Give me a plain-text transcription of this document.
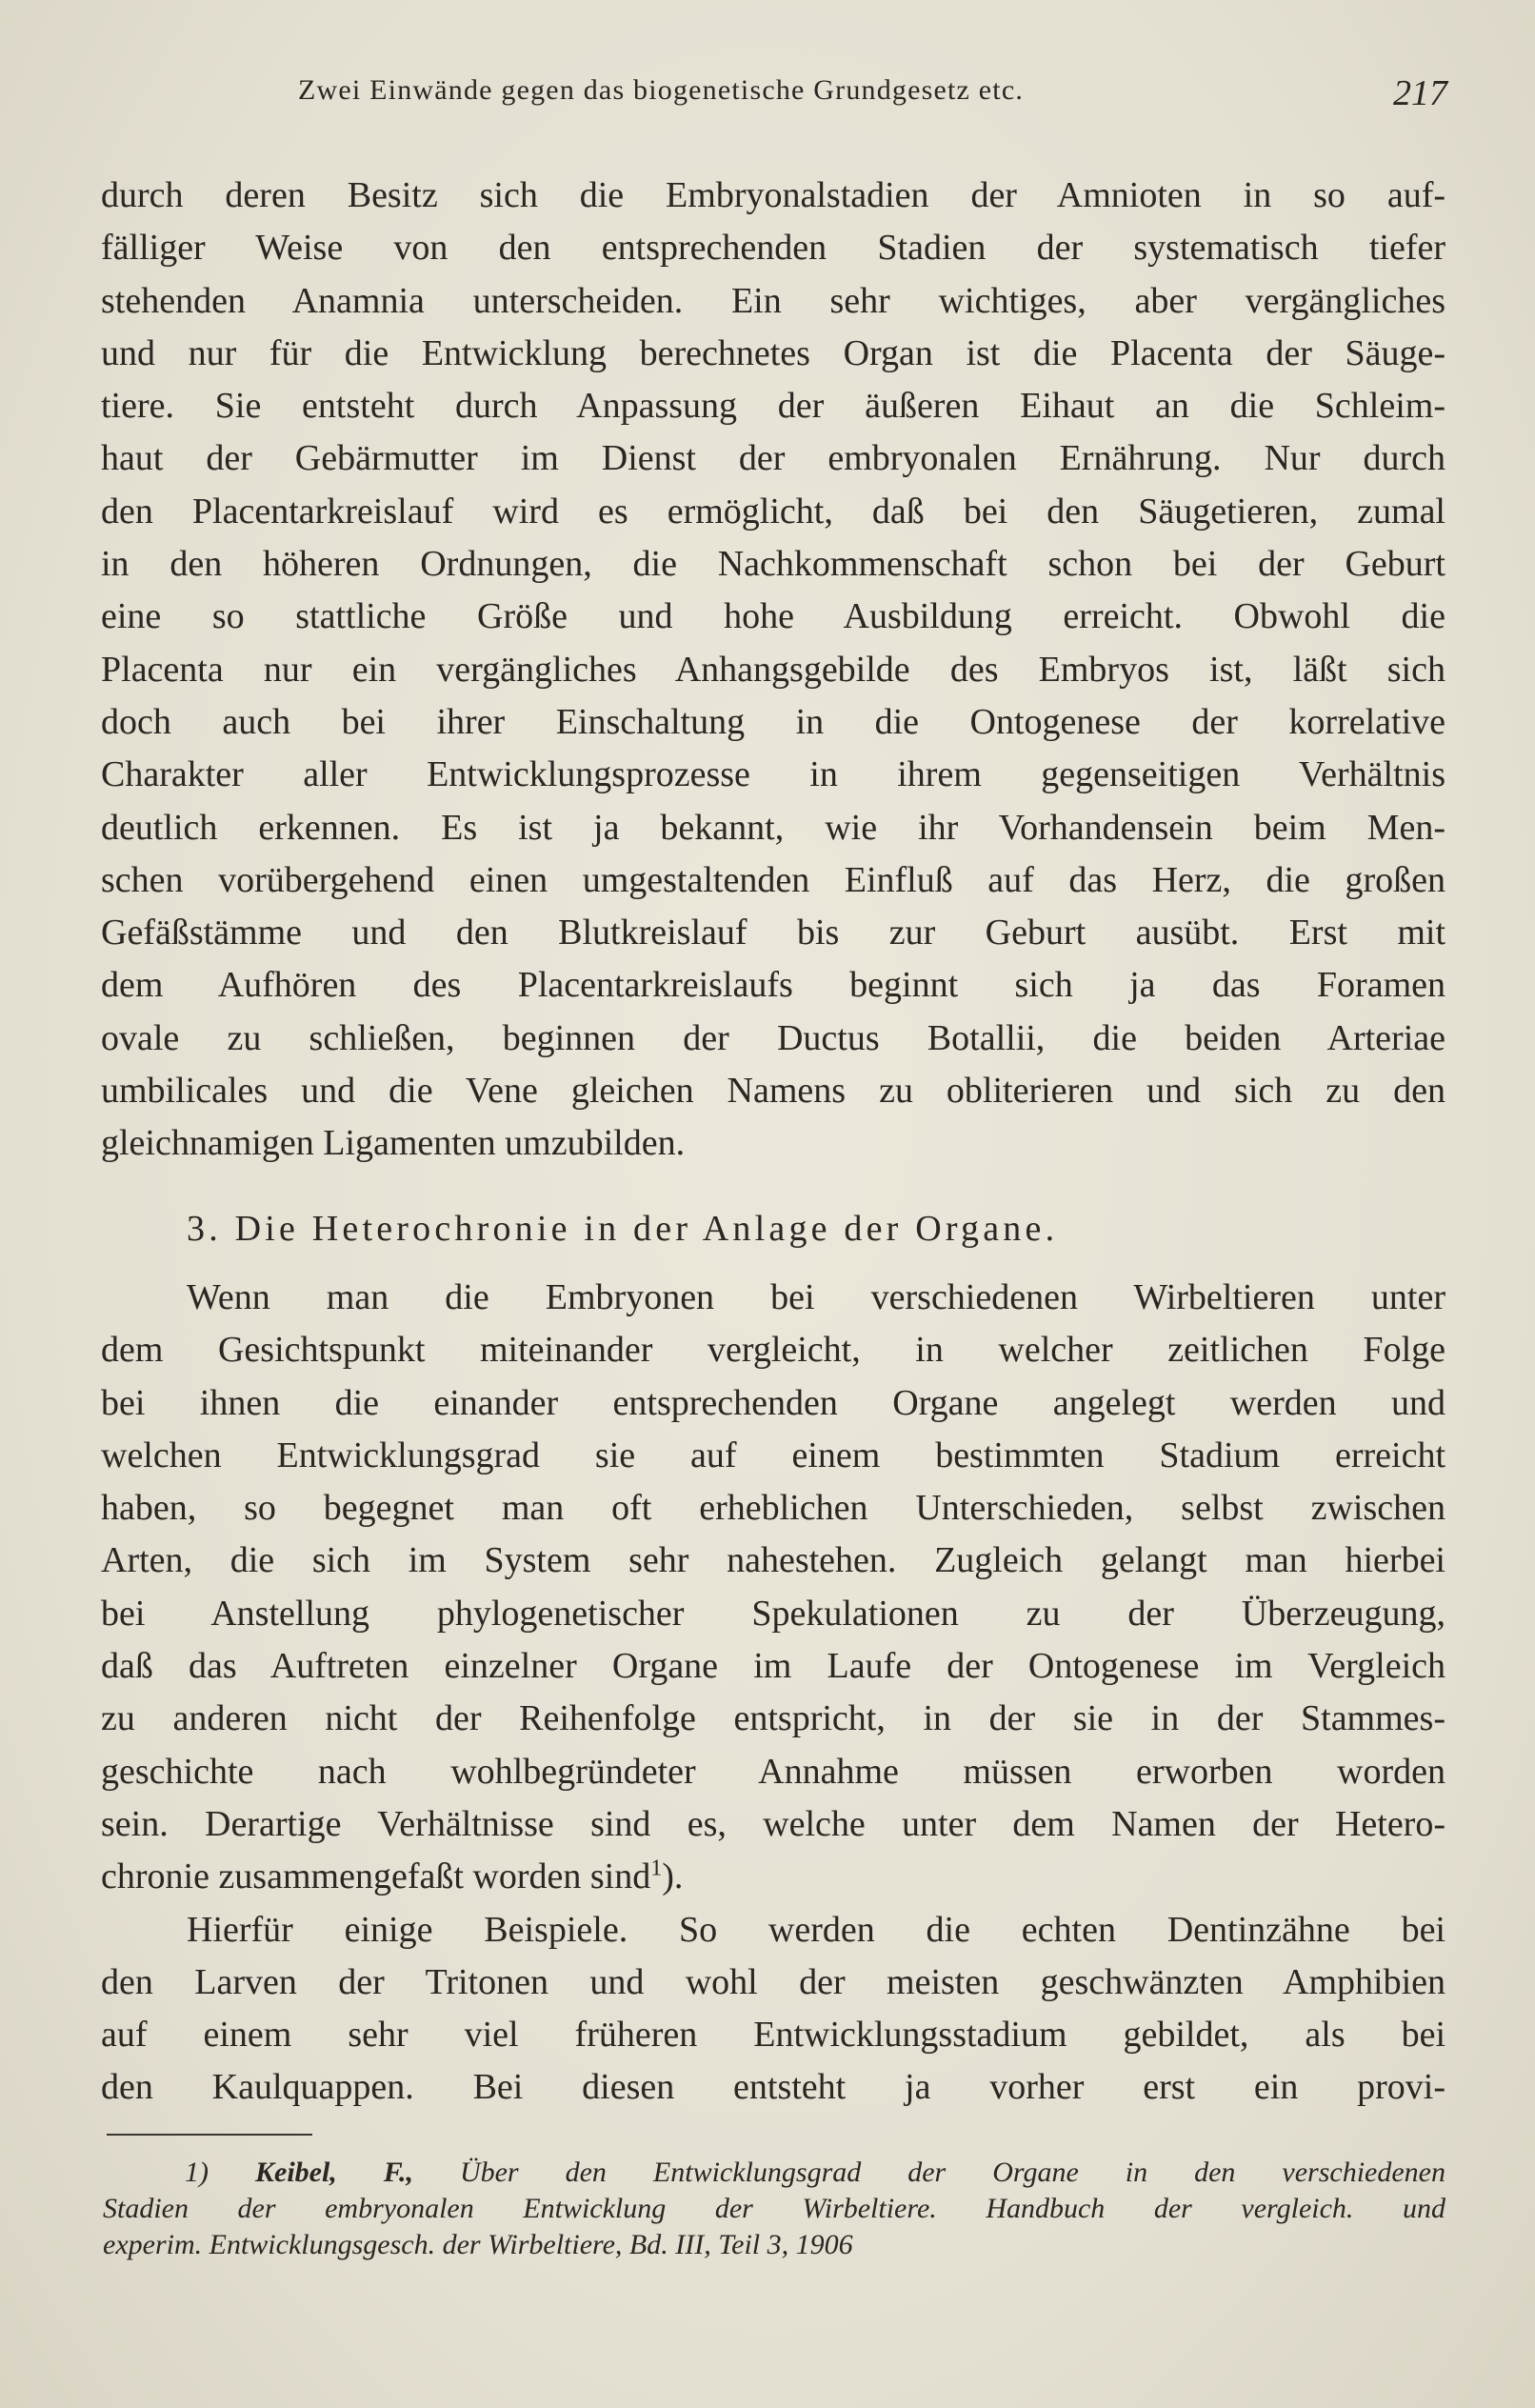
Zwei Einwände gegen das biogenetische Grundgesetz etc.	217
durch deren Besitz sich die Embryonalstadien der Amnioten in so auf-
fälliger Weise von den entsprechenden Stadien der systematisch tiefer
stehenden Anamnia unterscheiden. Ein sehr wichtiges, aber vergängliches
und nur für die Entwicklung berechnetes Organ ist die Placenta der Säuge-
tiere. Sie entsteht durch Anpassung der äußeren Eihaut an die Schleim-
haut der Gebärmutter im Dienst der embryonalen Ernährung. Nur durch
den Placentarkreislauf wird es ermöglicht, daß bei den Säugetieren, zumal
in den höheren Ordnungen, die Nachkommenschaft schon bei der Geburt
eine so stattliche Größe und hohe Ausbildung erreicht. Obwohl die
Placenta nur ein vergängliches Anhangsgebilde des Embryos ist, läßt sich
doch auch bei ihrer Einschaltung in die Ontogenese der korrelative
Charakter aller Entwicklungsprozesse in ihrem gegenseitigen Verhältnis
deutlich erkennen. Es ist ja bekannt, wie ihr Vorhandensein beim Men-
schen vorübergehend einen umgestaltenden Einfluß auf das Herz, die großen
Gefäßstämme und den Blutkreislauf bis zur Geburt ausübt. Erst mit
dem Aufhören des Placentarkreislaufs beginnt sich ja das Foramen
ovale zu schließen, beginnen der Ductus Botallii, die beiden Arteriae
umbilicales und die Vene gleichen Namens zu obliterieren und sich zu den
gleichnamigen Ligamenten umzubilden.
3. Die Heterochronie in der Anlage der Organe.
Wenn man die Embryonen bei verschiedenen Wirbeltieren unter
dem Gesichtspunkt miteinander vergleicht, in welcher zeitlichen Folge
bei ihnen die einander entsprechenden Organe angelegt werden und
welchen Entwicklungsgrad sie auf einem bestimmten Stadium erreicht
haben, so begegnet man oft erheblichen Unterschieden, selbst zwischen
Arten, die sich im System sehr nahestehen. Zugleich gelangt man hierbei
bei Anstellung phylogenetischer Spekulationen zu der Überzeugung,
daß das Auftreten einzelner Organe im Laufe der Ontogenese im Vergleich
zu anderen nicht der Reihenfolge entspricht, in der sie in der Stammes-
geschichte nach wohlbegründeter Annahme müssen erworben worden
sein. Derartige Verhältnisse sind es, welche unter dem Namen der Hetero-
chronie zusammengefaßt worden sind$^1$).
Hierfür einige Beispiele. So werden die echten Dentinzähne bei
den Larven der Tritonen und wohl der meisten geschwänzten Amphibien
auf einem sehr viel früheren Entwicklungsstadium gebildet, als bei
den Kaulquappen. Bei diesen entsteht ja vorher erst ein provi-
1) Keibel, F., Über den Entwicklungsgrad der Organe in den verschiedenen
Stadien der embryonalen Entwicklung der Wirbeltiere. Handbuch der vergleich. und
experim. Entwicklungsgesch. der Wirbeltiere, Bd. III, Teil 3, 1906
